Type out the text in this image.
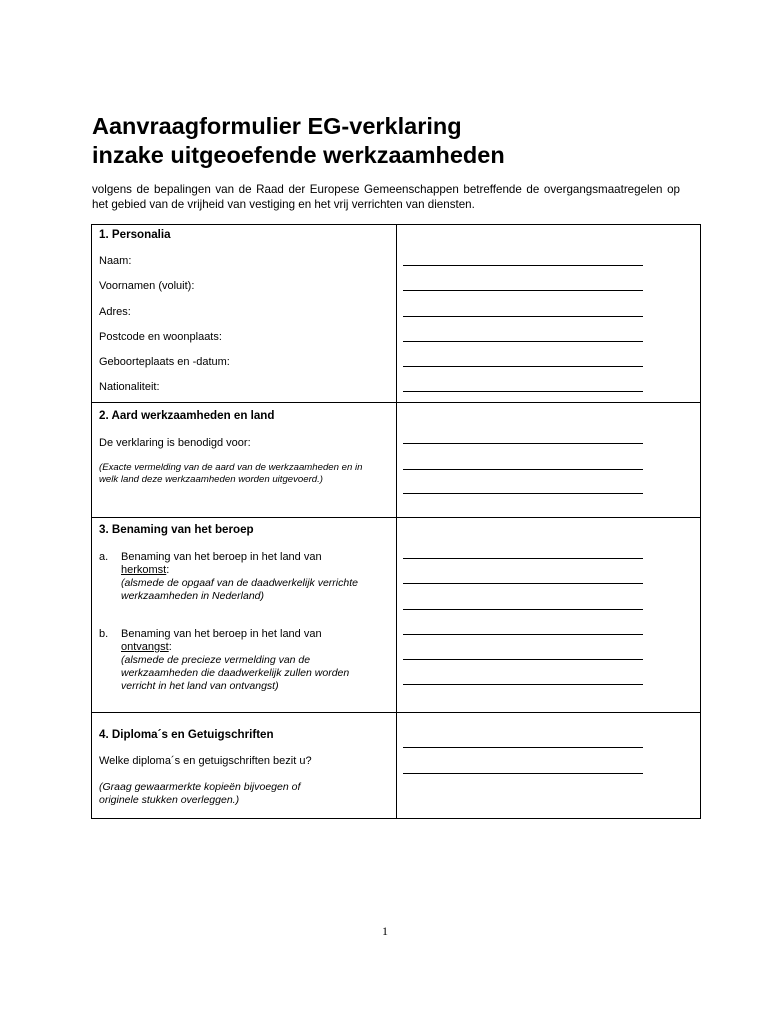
Aanvraagformulier EG-verklaring
inzake uitgeoefende werkzaamheden

volgens de bepalingen van de Raad der Europese Gemeenschappen betreffende de overgangsmaatregelen op het gebied van de vrijheid van vestiging en het vrij verrichten van diensten.

1. Personalia
Naam:
Voornamen (voluit):
Adres:
Postcode en woonplaats:
Geboorteplaats en -datum:
Nationaliteit:
2. Aard werkzaamheden en land
De verklaring is benodigd voor:
(Exacte vermelding van de aard van de werkzaamheden en in
welk land deze werkzaamheden worden uitgevoerd.)
3. Benaming van het beroep
a. Benaming van het beroep in het land van
herkomst:
(alsmede de opgaaf van de daadwerkelijk verrichte
werkzaamheden in Nederland)
b. Benaming van het beroep in het land van
ontvangst:
(alsmede de precieze vermelding van de
werkzaamheden die daadwerkelijk zullen worden
verricht in het land van ontvangst)
4. Diploma´s en Getuigschriften
Welke diploma´s en getuigschriften bezit u?
(Graag gewaarmerkte kopieën bijvoegen of
originele stukken overleggen.)
1
